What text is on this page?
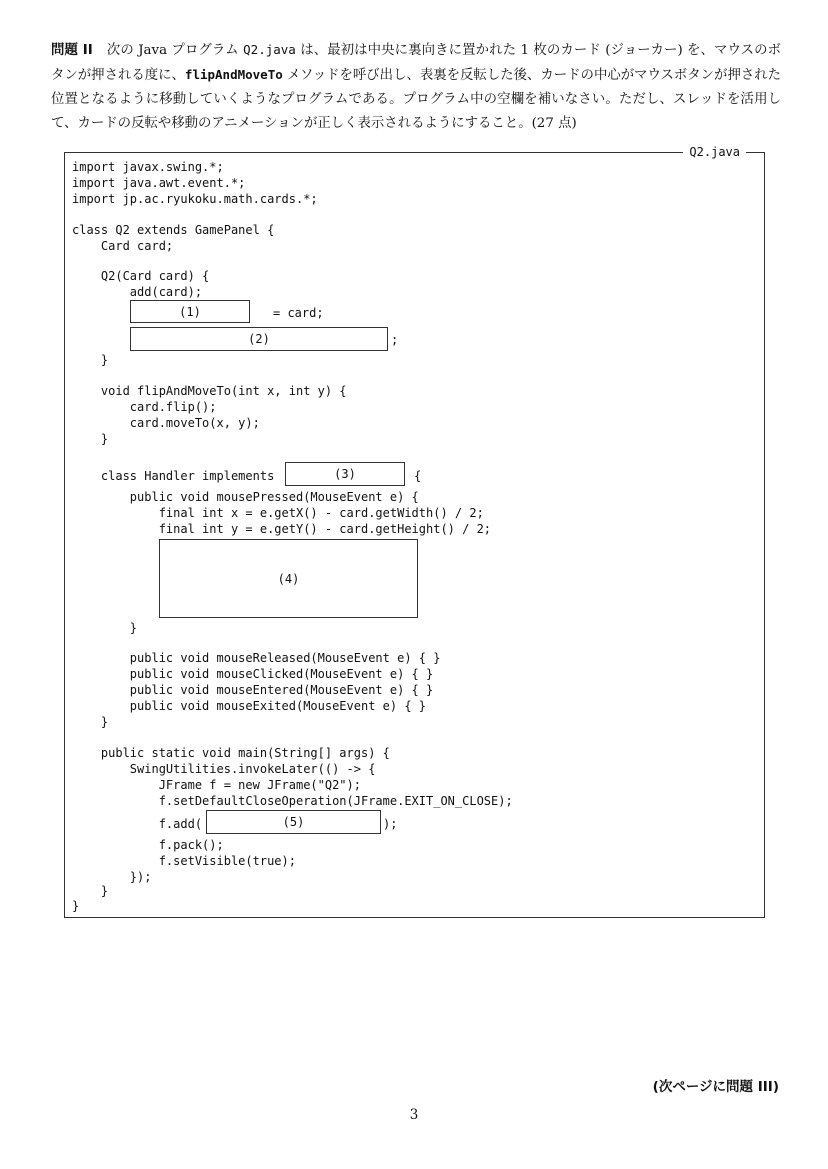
問題 II 次の Java プログラム Q2.java は、最初は中央に裏向きに置かれた 1 枚のカード (ジョーカー) を、マウスのボタンが押される度に、flipAndMoveTo メソッドを呼び出し、表裏を反転した後、カードの中心がマウスボタンが押された位置となるように移動していくようなプログラムである。プログラム中の空欄を補いなさい。ただし、スレッドを活用して、カードの反転や移動のアニメーションが正しく表示されるようにすること。(27 点)
Q2.java
import javax.swing.*;
import java.awt.event.*;
import jp.ac.ryukoku.math.cards.*;
class Q2 extends GamePanel {
Card card;
Q2(Card card) {
add(card);
(1)	= card;
(2)	;
}
void flipAndMoveTo(int x, int y) {
card.flip();
card.moveTo(x, y);
}
class Handler implements	(3)	{
public void mousePressed(MouseEvent e) {
final int x = e.getX() - card.getWidth() / 2;
final int y = e.getY() - card.getHeight() / 2;
(4)
}
public void mouseReleased(MouseEvent e) { }
public void mouseClicked(MouseEvent e) { }
public void mouseEntered(MouseEvent e) { }
public void mouseExited(MouseEvent e) { }
}
public static void main(String[] args) {
SwingUtilities.invokeLater(() -> {
JFrame f = new JFrame("Q2");
f.setDefaultCloseOperation(JFrame.EXIT_ON_CLOSE);
f.add(	(5)	);
f.pack();
f.setVisible(true);
});
}
}
(次ページに問題 III)
3
